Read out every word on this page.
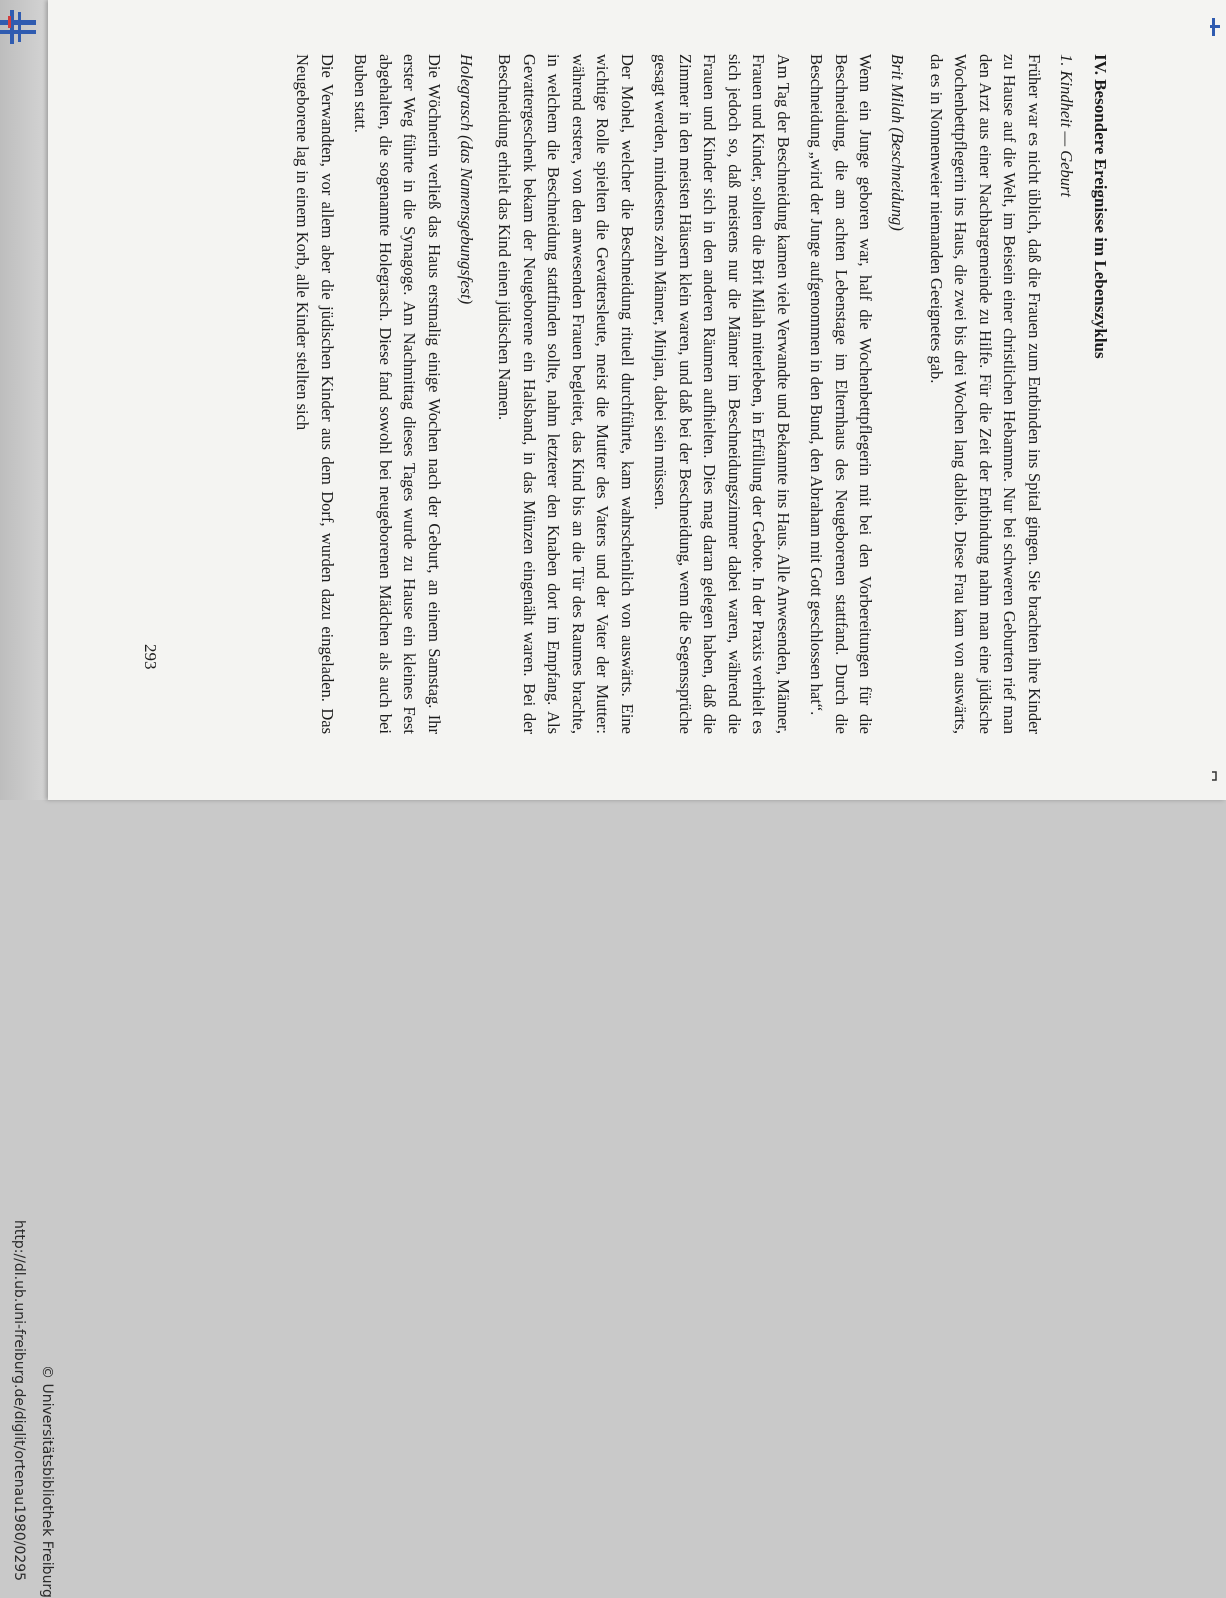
http://dl.ub.uni-freiburg.de/diglit/ortenau1980/0295 © Universitätsbibliothek Freiburg
IV. Besondere Ereignisse im Lebenszyklus
1. Kindheit — Geburt

Früher war es nicht üblich, daß die Frauen zum Entbinden ins Spital gingen. Sie brachten ihre Kinder zu Hause auf die Welt, im Beisein einer christlichen Hebamme. Nur bei schweren Geburten rief man den Arzt aus einer Nachbargemeinde zu Hilfe. Für die Zeit der Entbindung nahm man eine jüdische Wochenbettpflegerin ins Haus, die zwei bis drei Wochen lang dablieb. Diese Frau kam von auswärts, da es in Nonnenweier niemanden Geeignetes gab.

Brit Milah (Beschneidung)

Wenn ein Junge geboren war, half die Wochenbettpflegerin mit bei den Vorbereitungen für die Beschneidung, die am achten Lebenstage im Elternhaus des Neugeborenen stattfand. Durch die Beschneidung „wird der Junge aufgenommen in den Bund, den Abraham mit Gott geschlossen hat“.

Am Tag der Beschneidung kamen viele Verwandte und Bekannte ins Haus. Alle Anwesenden, Männer, Frauen und Kinder, sollten die Brit Milah miterleben, in Erfüllung der Gebote. In der Praxis verhielt es sich jedoch so, daß meistens nur die Männer im Beschneidungszimmer dabei waren, während die Frauen und Kinder sich in den anderen Räumen aufhielten. Dies mag daran gelegen haben, daß die Zimmer in den meisten Häusern klein waren, und daß bei der Beschneidung, wenn die Segenssprüche gesagt werden, mindestens zehn Männer, Minjan, dabei sein müssen.

Der Mohel, welcher die Beschneidung rituell durchführte, kam wahrscheinlich von auswärts. Eine wichtige Rolle spielten die Gevattersleute, meist die Mutter des Vaters und der Vater der Mutter: während erstere, von den anwesenden Frauen begleitet, das Kind bis an die Tür des Raumes brachte, in welchem die Beschneidung stattfinden sollte, nahm letzterer den Knaben dort im Empfang. Als Gevattergeschenk bekam der Neugeborene ein Halsband, in das Münzen eingenäht waren. Bei der Beschneidung erhielt das Kind einen jüdischen Namen.

Holegrasch (das Namensgebungsfest)

Die Wöchnerin verließ das Haus erstmalig einige Wochen nach der Geburt, an einem Samstag. Ihr erster Weg führte in die Synagoge. Am Nachmittag dieses Tages wurde zu Hause ein kleines Fest abgehalten, die sogenannte Holegrasch. Diese fand sowohl bei neugeborenen Mädchen als auch bei Buben statt.

Die Verwandten, vor allem aber die jüdischen Kinder aus dem Dorf, wurden dazu eingeladen. Das Neugeborene lag in einem Korb, alle Kinder stellten sich

293
